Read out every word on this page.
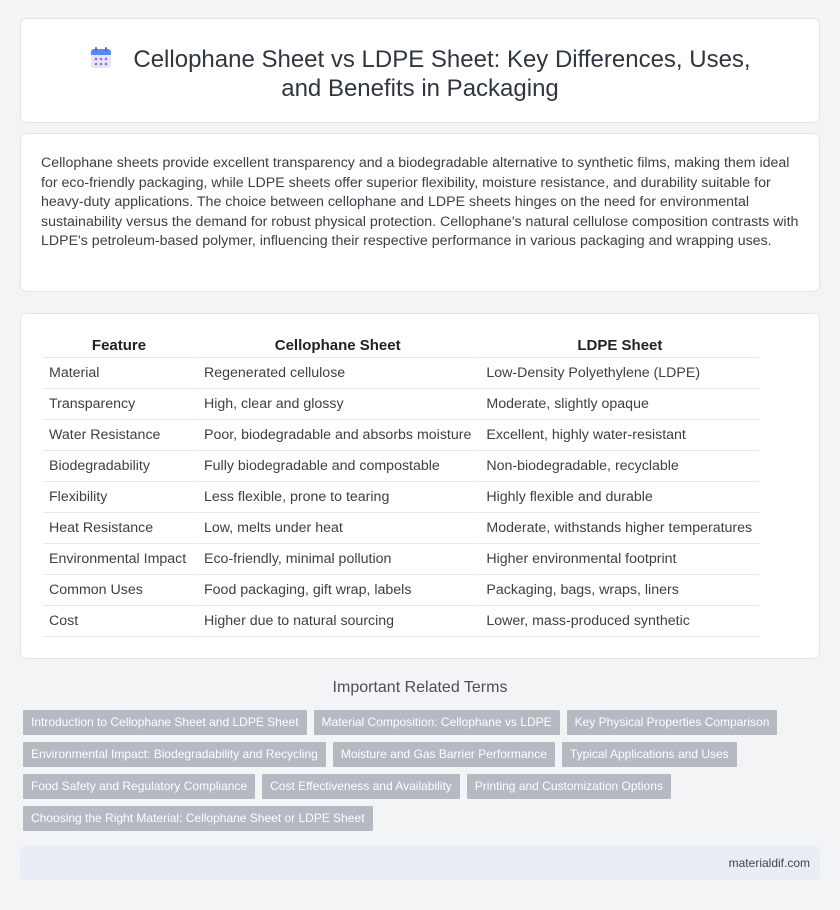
Cellophane Sheet vs LDPE Sheet: Key Differences, Uses, and Benefits in Packaging

Cellophane sheets provide excellent transparency and a biodegradable alternative to synthetic films, making them ideal for eco-friendly packaging, while LDPE sheets offer superior flexibility, moisture resistance, and durability suitable for heavy-duty applications. The choice between cellophane and LDPE sheets hinges on the need for environmental sustainability versus the demand for robust physical protection. Cellophane's natural cellulose composition contrasts with LDPE's petroleum-based polymer, influencing their respective performance in various packaging and wrapping uses.

Feature	Cellophane Sheet	LDPE Sheet
Material	Regenerated cellulose	Low-Density Polyethylene (LDPE)
Transparency	High, clear and glossy	Moderate, slightly opaque
Water Resistance	Poor, biodegradable and absorbs moisture	Excellent, highly water-resistant
Biodegradability	Fully biodegradable and compostable	Non-biodegradable, recyclable
Flexibility	Less flexible, prone to tearing	Highly flexible and durable
Heat Resistance	Low, melts under heat	Moderate, withstands higher temperatures
Environmental Impact	Eco-friendly, minimal pollution	Higher environmental footprint
Common Uses	Food packaging, gift wrap, labels	Packaging, bags, wraps, liners
Cost	Higher due to natural sourcing	Lower, mass-produced synthetic
Important Related Terms
Introduction to Cellophane Sheet and LDPE Sheet	Material Composition: Cellophane vs LDPE	Key Physical Properties Comparison
Environmental Impact: Biodegradability and Recycling	Moisture and Gas Barrier Performance	Typical Applications and Uses
Food Safety and Regulatory Compliance	Cost Effectiveness and Availability	Printing and Customization Options
Choosing the Right Material: Cellophane Sheet or LDPE Sheet
materialdif.com
